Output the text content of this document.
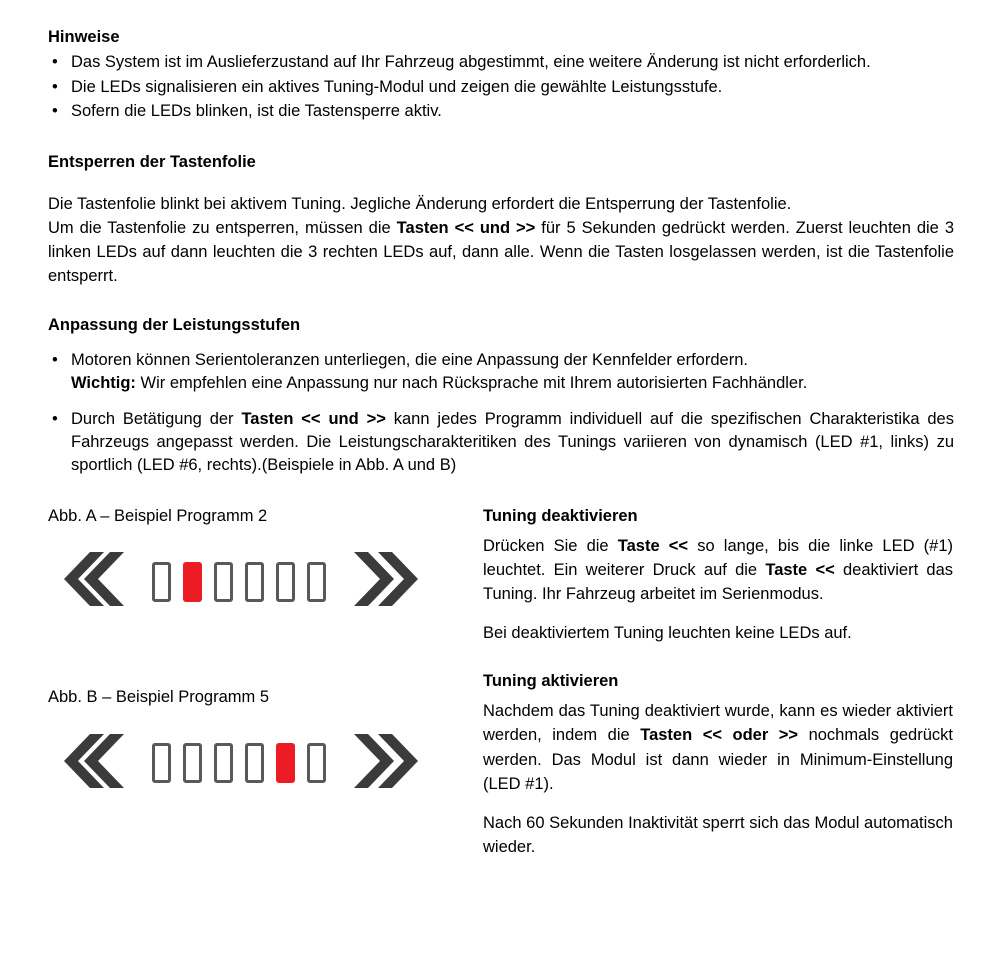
Hinweise
• Das System ist im Auslieferzustand auf Ihr Fahrzeug abgestimmt, eine weitere Änderung ist nicht erforderlich.
• Die LEDs signalisieren ein aktives Tuning-Modul und zeigen die gewählte Leistungsstufe.
• Sofern die LEDs blinken, ist die Tastensperre aktiv.
Entsperren der Tastenfolie

Die Tastenfolie blinkt bei aktivem Tuning. Jegliche Änderung erfordert die Entsperrung der Tastenfolie.

Um die Tastenfolie zu entsperren, müssen die Tasten << und >> für 5 Sekunden gedrückt werden. Zuerst leuchten die 3 linken LEDs auf dann leuchten die 3 rechten LEDs auf, dann alle. Wenn die Tasten losgelassen werden, ist die Tastenfolie entsperrt.

Anpassung der Leistungsstufen
• Motoren können Serientoleranzen unterliegen, die eine Anpassung der Kennfelder erfordern.
Wichtig: Wir empfehlen eine Anpassung nur nach Rücksprache mit Ihrem autorisierten Fachhändler.
• Durch Betätigung der Tasten << und >> kann jedes Programm individuell auf die spezifischen Charakteristika des Fahrzeugs angepasst werden. Die Leistungscharakteritiken des Tunings variieren von dynamisch (LED #1, links) zu sportlich (LED #6, rechts).(Beispiele in Abb. A und B)

Abb. A – Beispiel Programm 2

Abb. B – Beispiel Programm 5

Tuning deaktivieren

Drücken Sie die Taste << so lange, bis die linke LED (#1) leuchtet. Ein weiterer Druck auf die Taste << deaktiviert das Tuning. Ihr Fahrzeug arbeitet im Serienmodus.

Bei deaktiviertem Tuning leuchten keine LEDs auf.

Tuning aktivieren

Nachdem das Tuning deaktiviert wurde, kann es wieder aktiviert werden, indem die Tasten << oder >> nochmals gedrückt werden. Das Modul ist dann wieder in Minimum-Einstellung (LED #1).

Nach 60 Sekunden Inaktivität sperrt sich das Modul automatisch wieder.
